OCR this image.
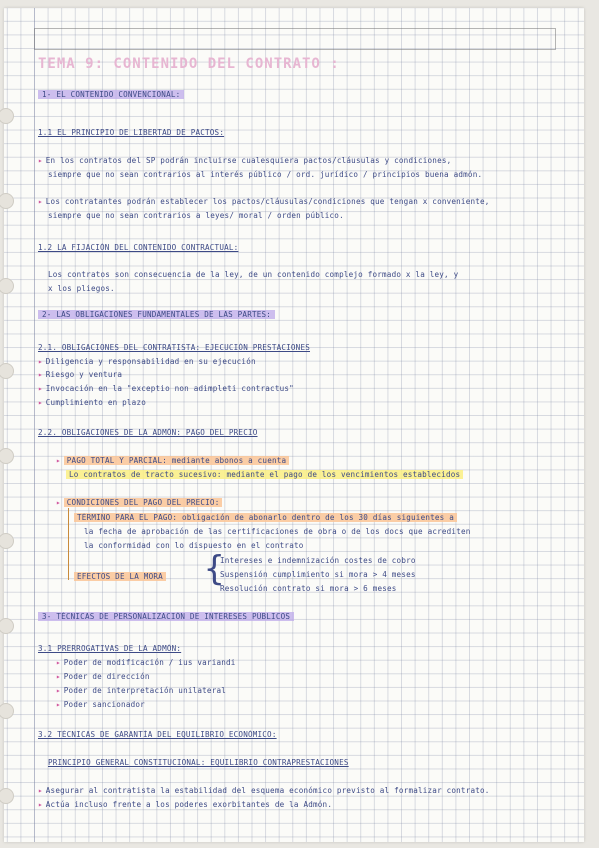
TEMA 9: CONTENIDO DEL CONTRATO :
1- EL CONTENIDO CONVENCIONAL:
1.1 EL PRINCIPIO DE LIBERTAD DE PACTOS:
▸ En los contratos del SP podrán incluirse cualesquiera pactos/cláusulas y condiciones,
siempre que no sean contrarios al interés público / ord. jurídico / principios buena admón.
▸ Los contratantes podrán establecer los pactos/cláusulas/condiciones que tengan x conveniente,
siempre que no sean contrarios a leyes/ moral / orden público.
1.2 LA FIJACIÓN DEL CONTENIDO CONTRACTUAL:
Los contratos son consecuencia de la ley, de un contenido complejo formado x la ley, y
x los pliegos.
2- LAS OBLIGACIONES FUNDAMENTALES DE LAS PARTES:
2.1. OBLIGACIONES DEL CONTRATISTA: EJECUCIÓN PRESTACIONES
▸ Diligencia y responsabilidad en su ejecución
▸ Riesgo y ventura
▸ Invocación en la "exceptio non adimpleti contractus"
▸ Cumplimiento en plazo
2.2. OBLIGACIONES DE LA ADMÓN: PAGO DEL PRECIO
▸ PAGO TOTAL Y PARCIAL: mediante abonos a cuenta
Lo contratos de tracto sucesivo: mediante el pago de los vencimientos establecidos
▸ CONDICIONES DEL PAGO DEL PRECIO:
TÉRMINO PARA EL PAGO: obligación de abonarlo dentro de los 30 días siguientes a
la fecha de aprobación de las certificaciones de obra o de los docs que acrediten
la conformidad con lo dispuesto en el contrato
{
Intereses e indemnización costes de cobro
Suspensión cumplimiento si mora > 4 meses
Resolución contrato si mora > 6 meses
EFECTOS DE LA MORA
3- TÉCNICAS DE PERSONALIZACIÓN DE INTERESES PÚBLICOS
3.1 PRERROGATIVAS DE LA ADMÓN:
▸ Poder de modificación / ius variandi
▸ Poder de dirección
▸ Poder de interpretación unilateral
▸ Poder sancionador
3.2 TÉCNICAS DE GARANTÍA DEL EQUILIBRIO ECONÓMICO:
PRINCIPIO GENERAL CONSTITUCIONAL: EQUILIBRIO CONTRAPRESTACIONES
▸ Asegurar al contratista la estabilidad del esquema económico previsto al formalizar contrato.
▸ Actúa incluso frente a los poderes exorbitantes de la Admón.
